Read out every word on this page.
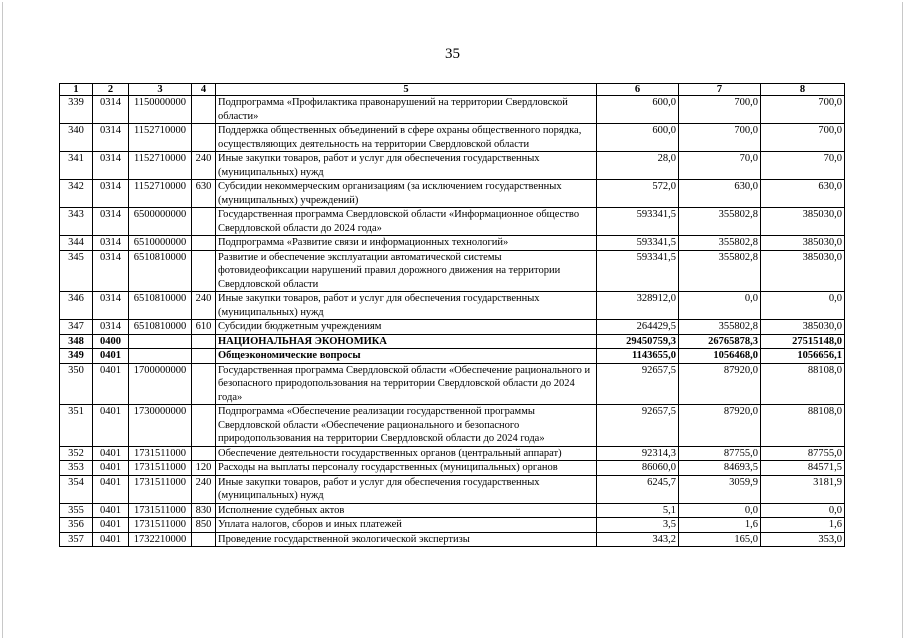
35
1	2	3	4	5	6	7	8
339	0314	1150000000		Подпрограмма «Профилактика правонарушений на территории Свердловской области»	600,0	700,0	700,0
340	0314	1152710000		Поддержка общественных объединений в сфере охраны общественного порядка, осуществляющих деятельность на территории Свердловской области	600,0	700,0	700,0
341	0314	1152710000	240	Иные закупки товаров, работ и услуг для обеспечения государственных (муниципальных) нужд	28,0	70,0	70,0
342	0314	1152710000	630	Субсидии некоммерческим организациям (за исключением государственных (муниципальных) учреждений)	572,0	630,0	630,0
343	0314	6500000000		Государственная программа Свердловской области «Информационное общество Свердловской области до 2024 года»	593341,5	355802,8	385030,0
344	0314	6510000000		Подпрограмма «Развитие связи и информационных технологий»	593341,5	355802,8	385030,0
345	0314	6510810000		Развитие и обеспечение эксплуатации автоматической системы фотовидеофиксации нарушений правил дорожного движения на территории Свердловской области	593341,5	355802,8	385030,0
346	0314	6510810000	240	Иные закупки товаров, работ и услуг для обеспечения государственных (муниципальных) нужд	328912,0	0,0	0,0
347	0314	6510810000	610	Субсидии бюджетным учреждениям	264429,5	355802,8	385030,0
348	0400			НАЦИОНАЛЬНАЯ ЭКОНОМИКА	29450759,3	26765878,3	27515148,0
349	0401			Общеэкономические вопросы	1143655,0	1056468,0	1056656,1
350	0401	1700000000		Государственная программа Свердловской области «Обеспечение рационального и безопасного природопользования на территории Свердловской области до 2024 года»	92657,5	87920,0	88108,0
351	0401	1730000000		Подпрограмма «Обеспечение реализации государственной программы Свердловской области «Обеспечение рационального и безопасного природопользования на территории Свердловской области до 2024 года»	92657,5	87920,0	88108,0
352	0401	1731511000		Обеспечение деятельности государственных органов (центральный аппарат)	92314,3	87755,0	87755,0
353	0401	1731511000	120	Расходы на выплаты персоналу государственных (муниципальных) органов	86060,0	84693,5	84571,5
354	0401	1731511000	240	Иные закупки товаров, работ и услуг для обеспечения государственных (муниципальных) нужд	6245,7	3059,9	3181,9
355	0401	1731511000	830	Исполнение судебных актов	5,1	0,0	0,0
356	0401	1731511000	850	Уплата налогов, сборов и иных платежей	3,5	1,6	1,6
357	0401	1732210000		Проведение государственной экологической экспертизы	343,2	165,0	353,0
